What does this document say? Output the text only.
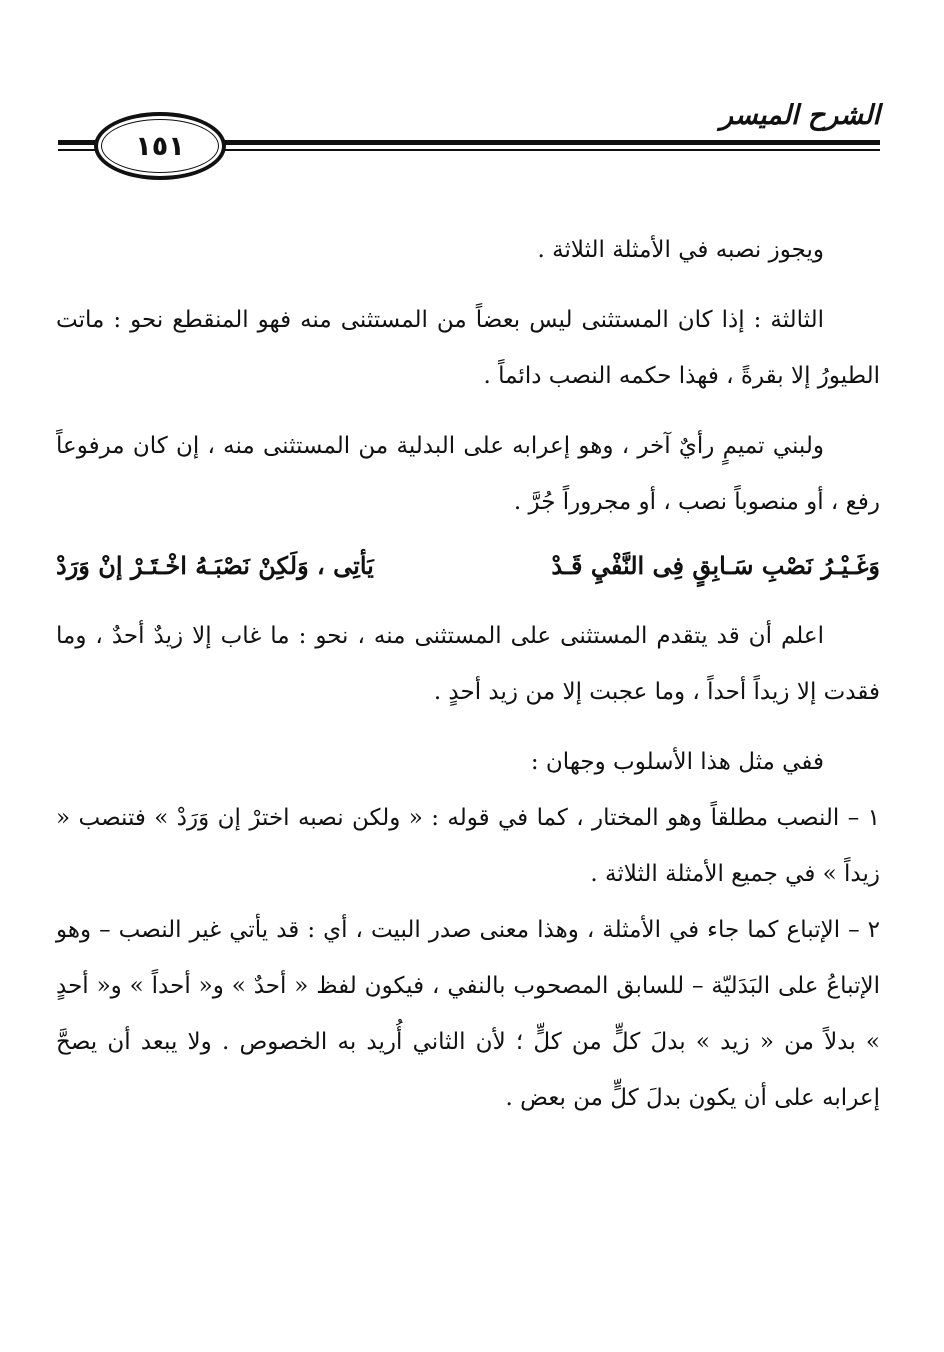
١٥١
الشرح الميسر

ويجوز نصبه في الأمثلة الثلاثة .

الثالثة : إذا كان المستثنى ليس بعضاً من المستثنى منه فهو المنقطع نحو : ماتت الطيورُ إلا بقرةً ، فهذا حكمه النصب دائماً .

ولبني تميمٍ رأيٌ آخر ، وهو إعرابه على البدلية من المستثنى منه ، إن كان مرفوعاً رفع ، أو منصوباً نصب ، أو مجروراً جُرَّ .

وَغَـيْـرُ نَصْبِ سَـابِقٍ فِى النَّفْيِ قَـدْ
يَأتِى ، وَلَكِنْ نَصْبَـهُ اخْـتَـرْ إنْ وَرَدْ

اعلم أن قد يتقدم المستثنى على المستثنى منه ، نحو : ما غاب إلا زيدٌ أحدٌ ، وما فقدت إلا زيداً أحداً ، وما عجبت إلا من زيد أحدٍ .

ففي مثل هذا الأسلوب وجهان :

١ – النصب مطلقاً وهو المختار ، كما في قوله : « ولكن نصبه اخترْ إن وَرَدْ » فتنصب « زيداً » في جميع الأمثلة الثلاثة .

٢ – الإتباع كما جاء في الأمثلة ، وهذا معنى صدر البيت ، أي : قد يأتي غير النصب – وهو الإتباعُ على البَدَليّة – للسابق المصحوب بالنفي ، فيكون لفظ « أحدٌ » و« أحداً » و« أحدٍ » بدلاً من « زيد » بدلَ كلٍّ من كلٍّ ؛ لأن الثاني أُريد به الخصوص . ولا يبعد أن يصحَّ إعرابه على أن يكون بدلَ كلٍّ من بعض .
